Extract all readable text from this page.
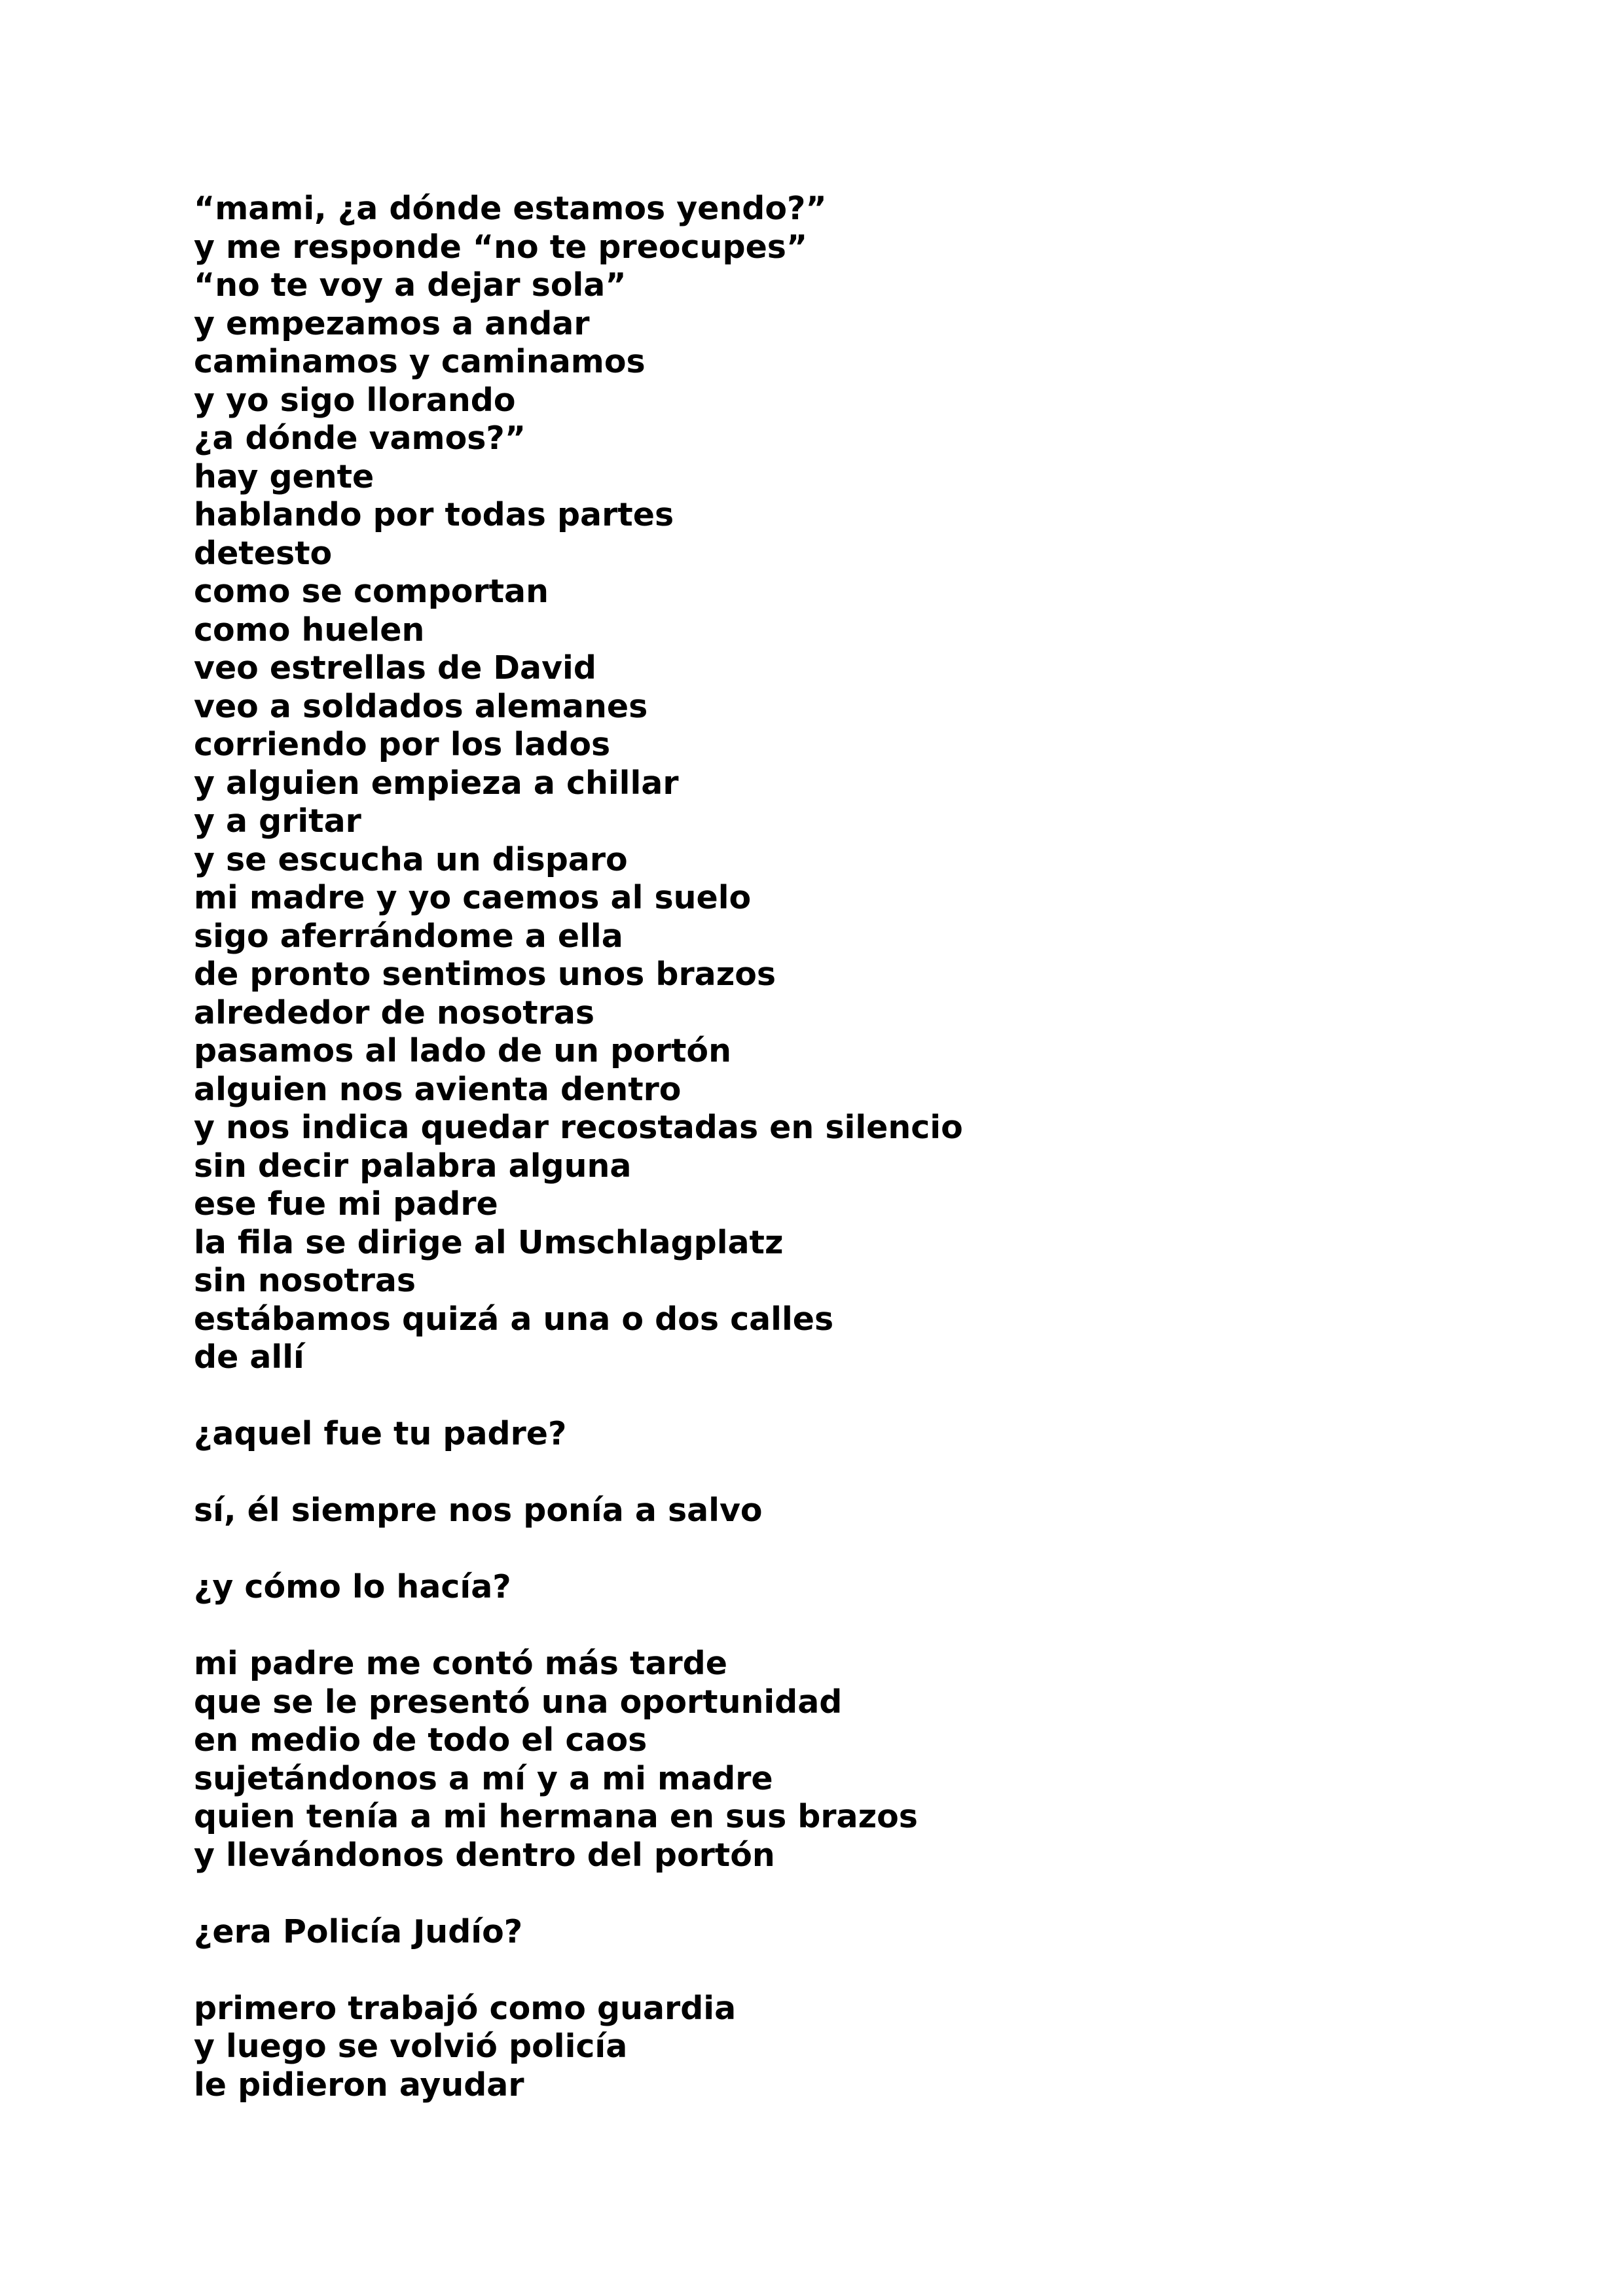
“mami, ¿a dónde estamos yendo?”
y me responde “no te preocupes”
“no te voy a dejar sola”
y empezamos a andar
caminamos y caminamos
y yo sigo llorando
¿a dónde vamos?”
hay gente
hablando por todas partes
detesto
como se comportan
como huelen
veo estrellas de David
veo a soldados alemanes
corriendo por los lados
y alguien empieza a chillar
y a gritar
y se escucha un disparo
mi madre y yo caemos al suelo
sigo aferrándome a ella
de pronto sentimos unos brazos
alrededor de nosotras
pasamos al lado de un portón
alguien nos avienta dentro
y nos indica quedar recostadas en silencio
sin decir palabra alguna
ese fue mi padre
la fila se dirige al Umschlagplatz
sin nosotras
estábamos quizá a una o dos calles
de allí
¿aquel fue tu padre?
sí, él siempre nos ponía a salvo
¿y cómo lo hacía?
mi padre me contó más tarde
que se le presentó una oportunidad
en medio de todo el caos
sujetándonos a mí y a mi madre
quien tenía a mi hermana en sus brazos
y llevándonos dentro del portón
¿era Policía Judío?
primero trabajó como guardia
y luego se volvió policía
le pidieron ayudar
